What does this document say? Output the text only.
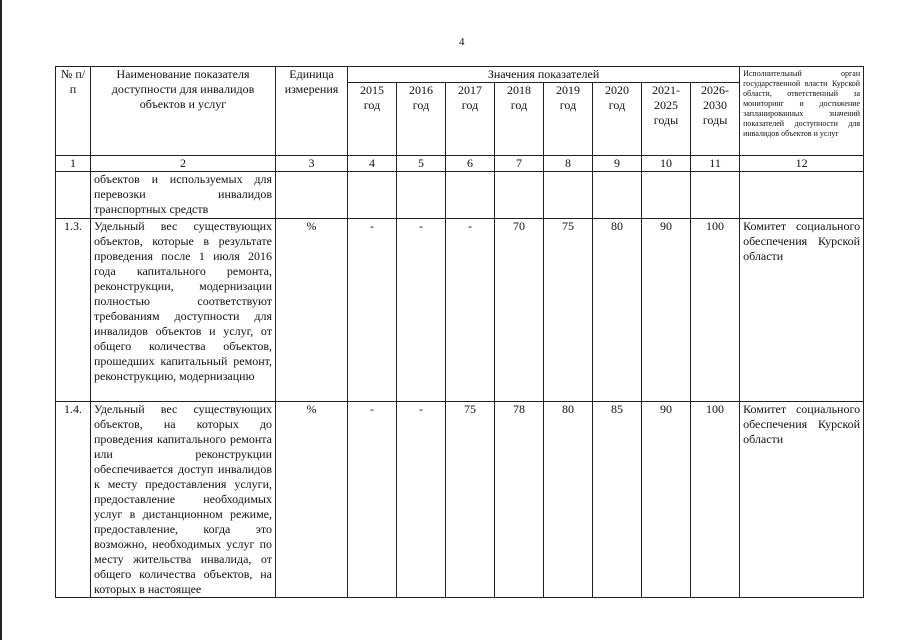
4
№ п/п	Наименование показателя доступности для инвалидов объектов и услуг	Единица измерения	Значения показателей								Исполнительный орган государственной власти Курской области, ответственный за мониторинг и достижение запланированных значений показателей доступности для инвалидов объектов и услуг
			2015 год	2016 год	2017 год	2018 год	2019 год	2020 год	2021-2025 годы	2026-2030 годы	
1	2	3	4	5	6	7	8	9	10	11	12
	объектов и используемых для перевозки инвалидов транспортных средств										
1.3.	Удельный вес существующих объектов, которые в результате проведения после 1 июля 2016 года капитального ремонта, реконструкции, модернизации полностью соответствуют требованиям доступности для инвалидов объектов и услуг, от общего количества объектов, прошедших капитальный ремонт, реконструкцию, модернизацию	%	-	-	-	70	75	80	90	100	Комитет социального обеспечения Курской области
1.4.	Удельный вес существующих объектов, на которых до проведения капитального ремонта или реконструкции обеспечивается доступ инвалидов к месту предоставления услуги, предоставление необходимых услуг в дистанционном режиме, предоставление, когда это возможно, необходимых услуг по месту жительства инвалида, от общего количества объектов, на которых в настоящее	%	-	-	75	78	80	85	90	100	Комитет социального обеспечения Курской области
